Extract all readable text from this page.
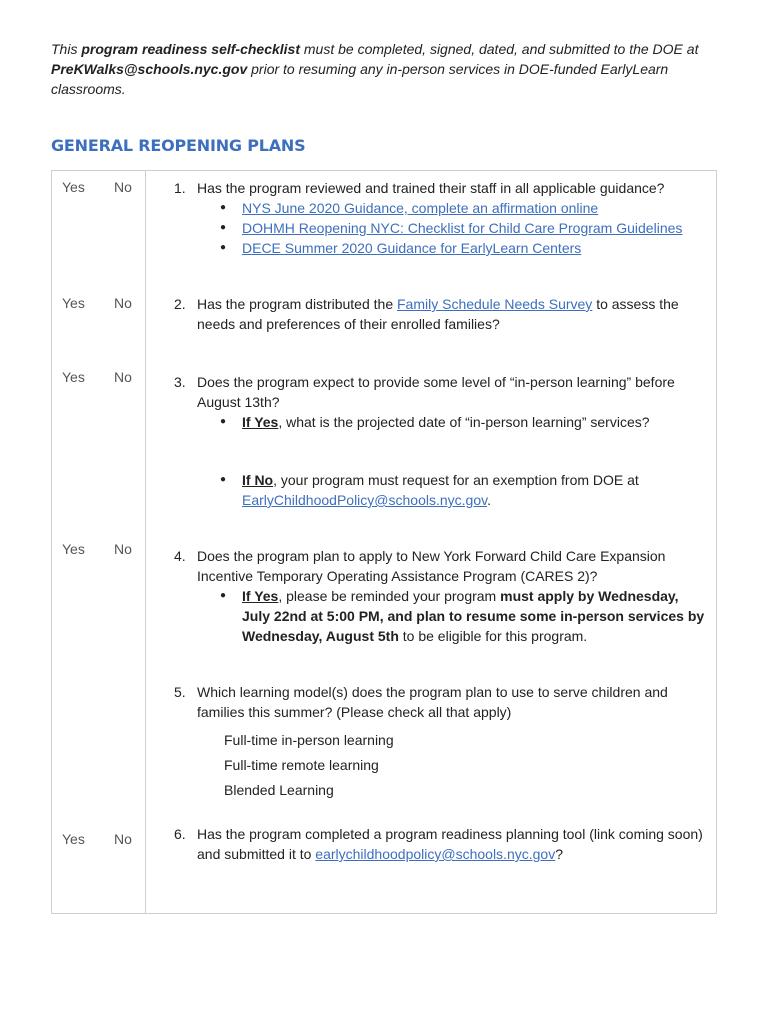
This program readiness self-checklist must be completed, signed, dated, and submitted to the DOE at PreKWalks@schools.nyc.gov prior to resuming any in-person services in DOE-funded EarlyLearn classrooms.
GENERAL REOPENING PLANS
Yes No	1. Has the program reviewed and trained their staff in all applicable guidance?
● NYS June 2020 Guidance, complete an affirmation online
● DOHMH Reopening NYC: Checklist for Child Care Program Guidelines
● DECE Summer 2020 Guidance for EarlyLearn Centers
Yes No	2. Has the program distributed the Family Schedule Needs Survey to assess the needs and preferences of their enrolled families?
Yes No	3. Does the program expect to provide some level of “in-person learning” before August 13th?
● If Yes, what is the projected date of “in-person learning” services?
● If No, your program must request for an exemption from DOE at EarlyChildhoodPolicy@schools.nyc.gov.
Yes No	4. Does the program plan to apply to New York Forward Child Care Expansion Incentive Temporary Operating Assistance Program (CARES 2)?
● If Yes, please be reminded your program must apply by Wednesday, July 22nd at 5:00 PM, and plan to resume some in-person services by Wednesday, August 5th to be eligible for this program.
5. Which learning model(s) does the program plan to use to serve children and families this summer? (Please check all that apply)
Full-time in-person learning
Full-time remote learning
Blended Learning
Yes No	6. Has the program completed a program readiness planning tool (link coming soon) and submitted it to earlychildhoodpolicy@schools.nyc.gov?
